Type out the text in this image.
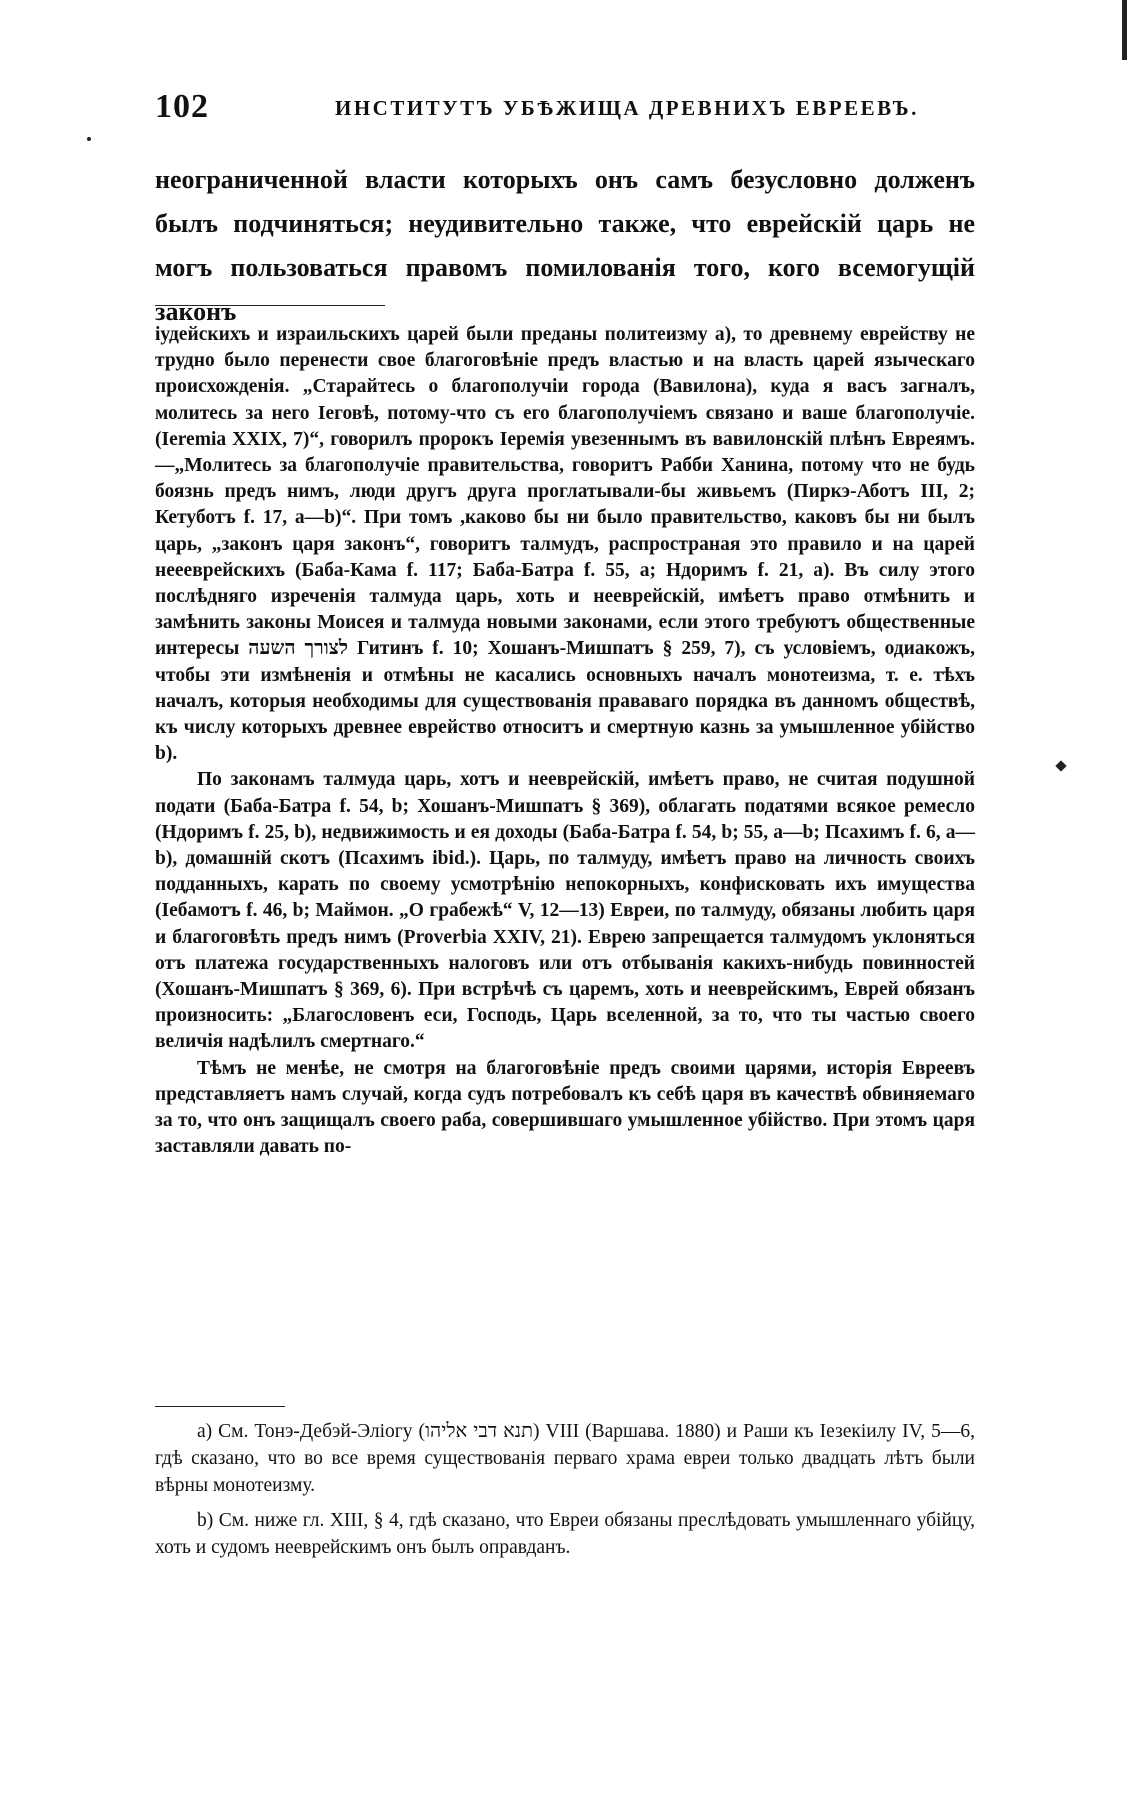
102	ИНСТИТУТЪ УБѢЖИЩА ДРЕВНИХЪ ЕВРЕЕВЪ.

неограниченной власти которыхъ онъ самъ безусловно долженъ былъ подчиняться; неудивительно также, что еврейскій царь не могъ пользоваться правомъ помилованія того, кого всемогущій законъ

іудейскихъ и израильскихъ царей были преданы политеизму а), то древнему еврейству не трудно было перенести свое благоговѣніе предъ властью и на власть царей языческаго происхожденія. „Старайтесь о благополучіи города (Вавилона), куда я васъ загналъ, молитесь за него Іеговѣ, потому-что съ его благополучіемъ связано и ваше благополучіе. (Ieremia XXIX, 7)“, говорилъ пророкъ Іеремія увезеннымъ въ вавилонскій плѣнъ Евреямъ.—„Молитесь за благополучіе правительства, говоритъ Рабби Ханина, потому что не будь боязнь предъ нимъ, люди другъ друга проглатывали-бы живьемъ (Пиркэ-Аботъ III, 2; Кетуботъ f. 17, a—b)“. При томъ ,каково бы ни было правительство, каковъ бы ни былъ царь, „законъ царя законъ“, говоритъ талмудъ, распространая это правило и на царей неееврейскихъ (Баба-Кама f. 117; Баба-Батра f. 55, a; Ндоримъ f. 21, a). Въ силу этого послѣдняго изреченія талмуда царь, хоть и нееврейскій, имѣетъ право отмѣнить и замѣнить законы Моисея и талмуда новыми законами, если этого требуютъ общественные интересы לצורך השעה Гитинъ f. 10; Хошанъ-Мишпатъ § 259, 7), съ условіемъ, одиакожъ, чтобы эти измѣненія и отмѣны не касались основныхъ началъ монотеизма, т. е. тѣхъ началъ, которыя необходимы для существованія прававаго порядка въ данномъ обществѣ, къ числу которыхъ древнее еврейство относитъ и смертную казнь за умышленное убійство b).

По законамъ талмуда царь, хотъ и нееврейскій, имѣетъ право, не считая подушной подати (Баба-Батра f. 54, b; Хошанъ-Мишпатъ § 369), облагать податями всякое ремесло (Ндоримъ f. 25, b), недвижимость и ея доходы (Баба-Батра f. 54, b; 55, a—b; Псахимъ f. 6, a—b), домашній скотъ (Псахимъ ibid.). Царь, по талмуду, имѣетъ право на личность своихъ подданныхъ, карать по своему усмотрѣнію непокорныхъ, конфисковать ихъ имущества (Іебамотъ f. 46, b; Маймон. „О грабежѣ“ V, 12—13) Евреи, по талмуду, обязаны любить царя и благоговѣть предъ нимъ (Proverbia XXIV, 21). Еврею запрещается талмудомъ уклоняться отъ платежа государственныхъ налоговъ или отъ отбыванія какихъ-нибудь повинностей (Хошанъ-Мишпатъ § 369, 6). При встрѣчѣ съ царемъ, хоть и нееврейскимъ, Еврей обязанъ произносить: „Благословенъ еси, Господь, Царь вселенной, за то, что ты частью своего величія надѣлилъ смертнаго.“

Тѣмъ не менѣе, не смотря на благоговѣніе предъ своими царями, исторія Евреевъ представляетъ намъ случай, когда судъ потребовалъ къ себѣ царя въ качествѣ обвиняемаго за то, что онъ защищалъ своего раба, совершившаго умышленное убійство. При этомъ царя заставляли давать по-

а) См. Тонэ-Дебэй-Эліогу (תנא דבי אליהו) VIII (Варшава. 1880) и Раши къ Іезекіилу IV, 5—6, гдѣ сказано, что во все время существованія перваго храма евреи только двадцать лѣтъ были вѣрны монотеизму.

b) См. ниже гл. XIII, § 4, гдѣ сказано, что Евреи обязаны преслѣдовать умышленнаго убійцу, хоть и судомъ нееврейскимъ онъ былъ оправданъ.
